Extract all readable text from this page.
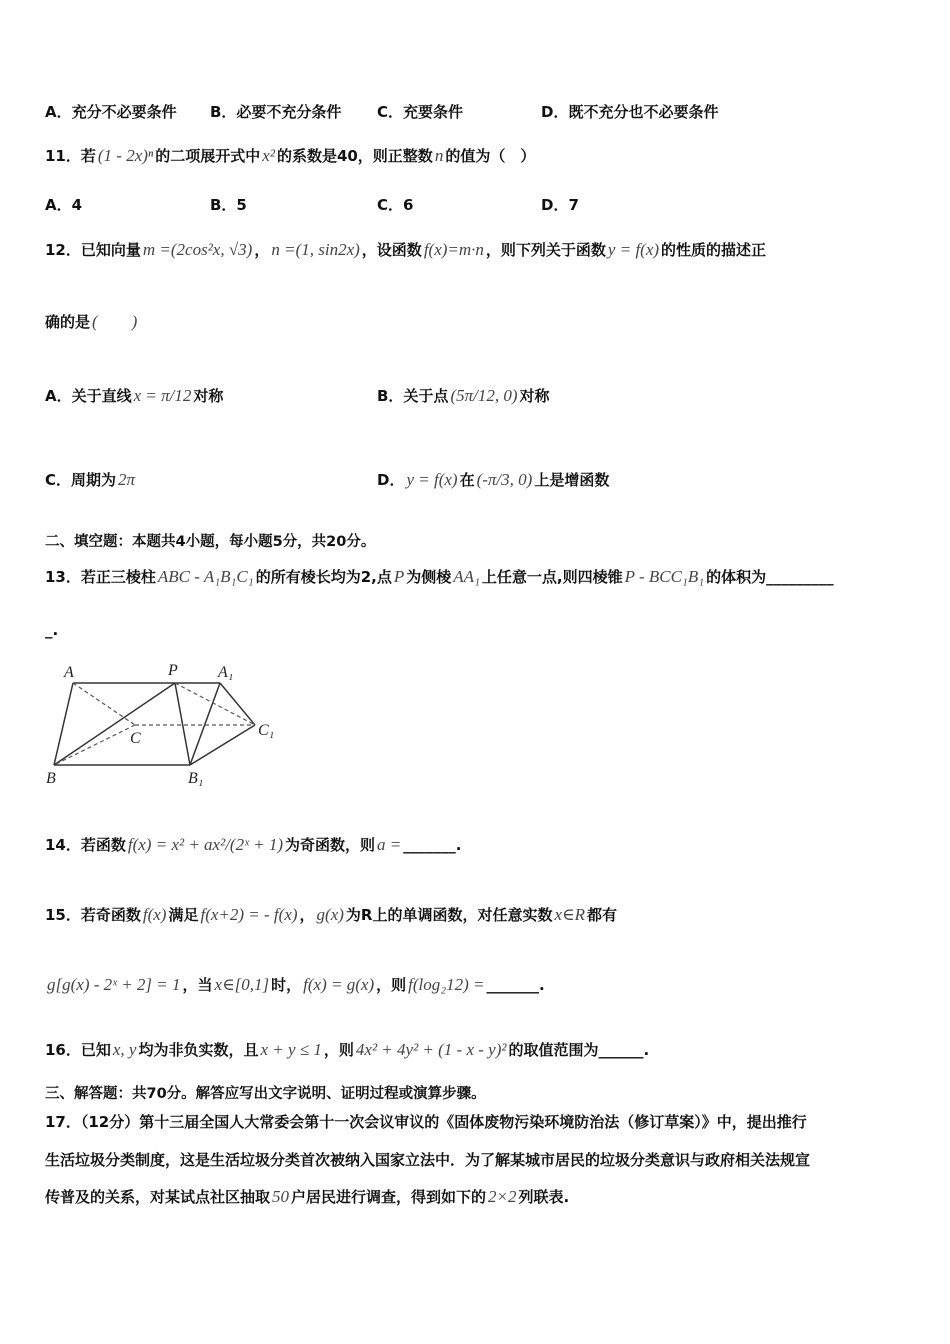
A．充分不必要条件 B．必要不充分条件 C．充要条件	D．既不充分也不必要条件
11．若 (1 - 2x)ⁿ 的二项展开式中 x² 的系数是40，则正整数 n 的值为（　）
A．4	B．5	C．6	D．7
12．已知向量 m =(2cos²x, √3) ， n =(1, sin2x) ，设函数 f(x)=m·n ，则下列关于函数 y = f(x) 的性质的描述正
确的是 (　　)
A．关于直线 x = π/12 对称	B．关于点 (5π/12, 0) 对称
C．周期为 2π	D． y = f(x) 在 (-π/3, 0) 上是增函数
二、填空题：本题共4小题，每小题5分，共20分。
13．若正三棱柱 ABC - A₁B₁C₁ 的所有棱长均为2,点 P 为侧棱 AA₁ 上任意一点,则四棱锥 P - BCC₁B₁ 的体积为_________
_.
A	P	A₁
C	C₁
B	B₁
14．若函数 f(x) = x² + ax²/(2ˣ + 1) 为奇函数，则 a = _______.
15．若奇函数 f(x) 满足 f(x+2) = - f(x) ， g(x) 为R上的单调函数，对任意实数 x∈R 都有
g[g(x) - 2ˣ + 2] = 1 ，当 x∈[0,1] 时， f(x) = g(x) ，则 f(log₂12) = _______.
16．已知 x, y 均为非负实数，且 x + y ≤ 1 ，则 4x² + 4y² + (1 - x - y)² 的取值范围为______.
三、解答题：共70分。解答应写出文字说明、证明过程或演算步骤。
17．（12分）第十三届全国人大常委会第十一次会议审议的《固体废物污染环境防治法（修订草案）》中，提出推行
生活垃圾分类制度，这是生活垃圾分类首次被纳入国家立法中．为了解某城市居民的垃圾分类意识与政府相关法规宣
传普及的关系，对某试点社区抽取 50 户居民进行调查，得到如下的 2×2 列联表.
